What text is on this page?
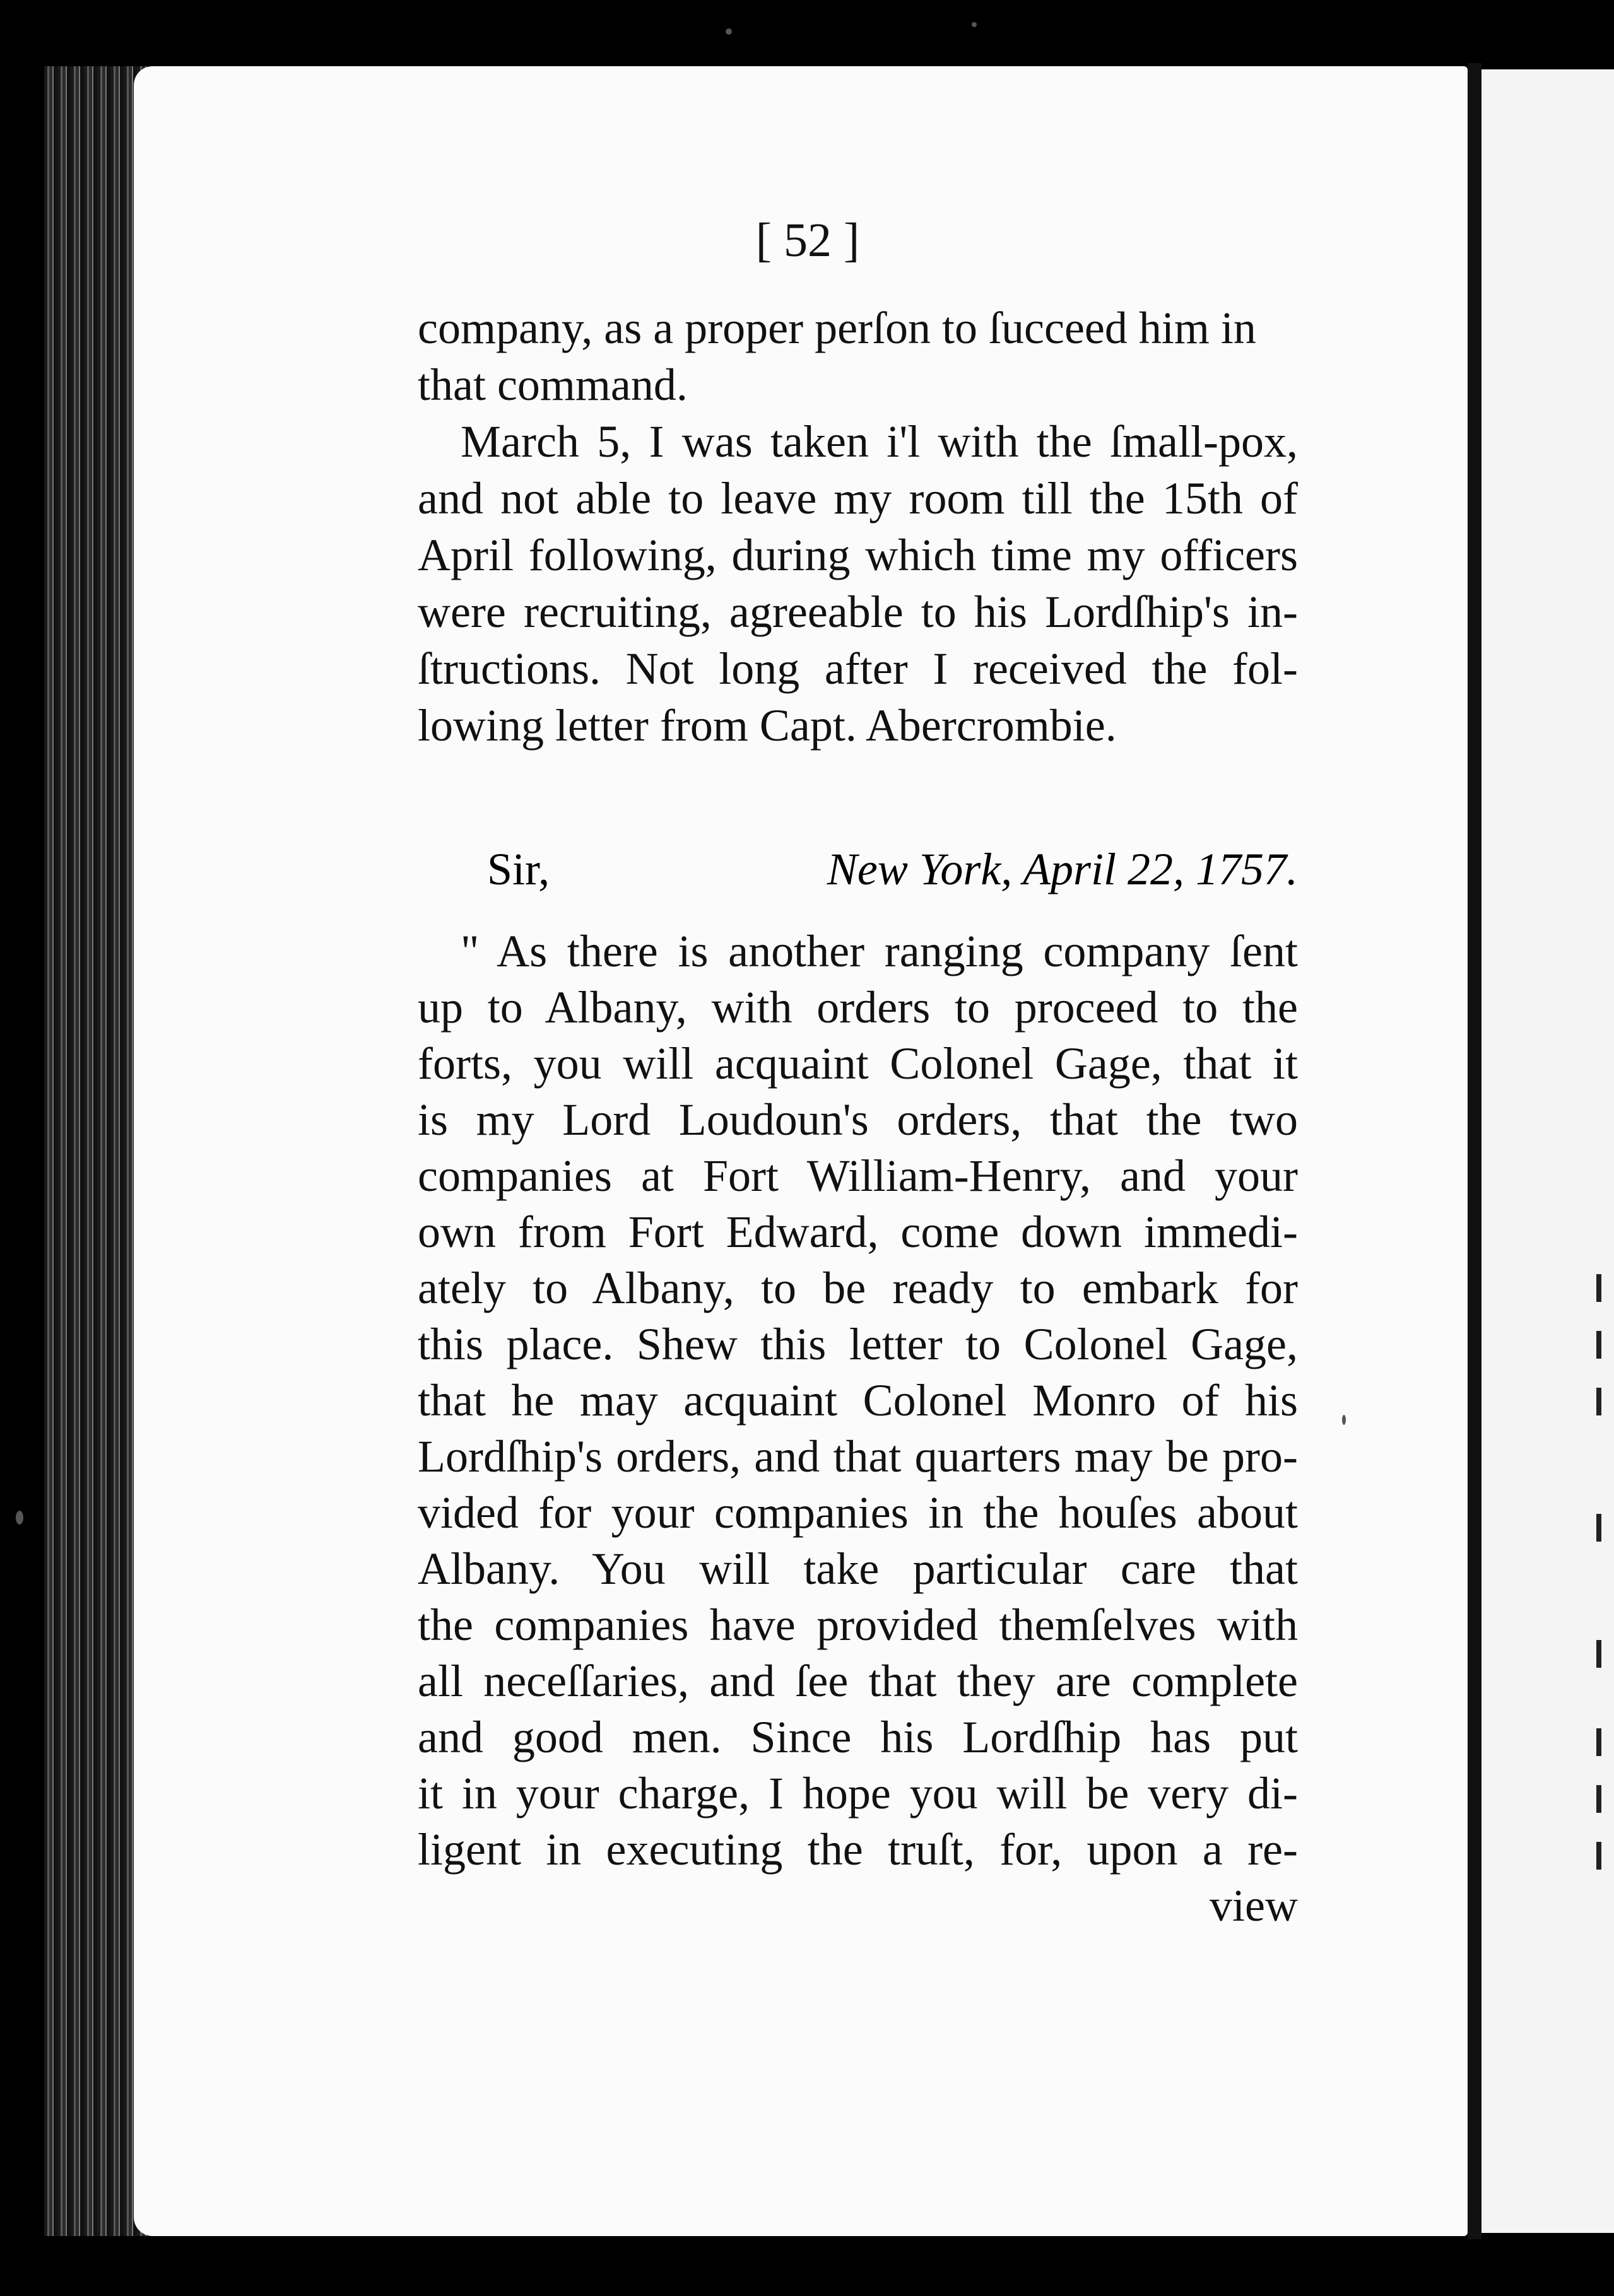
[ 52 ]
company, as a proper perſon to ſucceed him in
that command.
March 5, I was taken i'l with the ſmall-pox,
and not able to leave my room till the 15th of
April following, during which time my officers
were recruiting, agreeable to his Lordſhip's in-
ſtructions. Not long after I received the fol-
lowing letter from Capt. Abercrombie.
Sir,	New York, April 22, 1757.
" As there is another ranging company ſent
up to Albany, with orders to proceed to the
forts, you will acquaint Colonel Gage, that it
is my Lord Loudoun's orders, that the two
companies at Fort William-Henry, and your
own from Fort Edward, come down immedi-
ately to Albany, to be ready to embark for
this place. Shew this letter to Colonel Gage,
that he may acquaint Colonel Monro of his
Lordſhip's orders, and that quarters may be pro-
vided for your companies in the houſes about
Albany. You will take particular care that
the companies have provided themſelves with
all neceſſaries, and ſee that they are complete
and good men. Since his Lordſhip has put
it in your charge, I hope you will be very di-
ligent in executing the truſt, for, upon a re-
view
